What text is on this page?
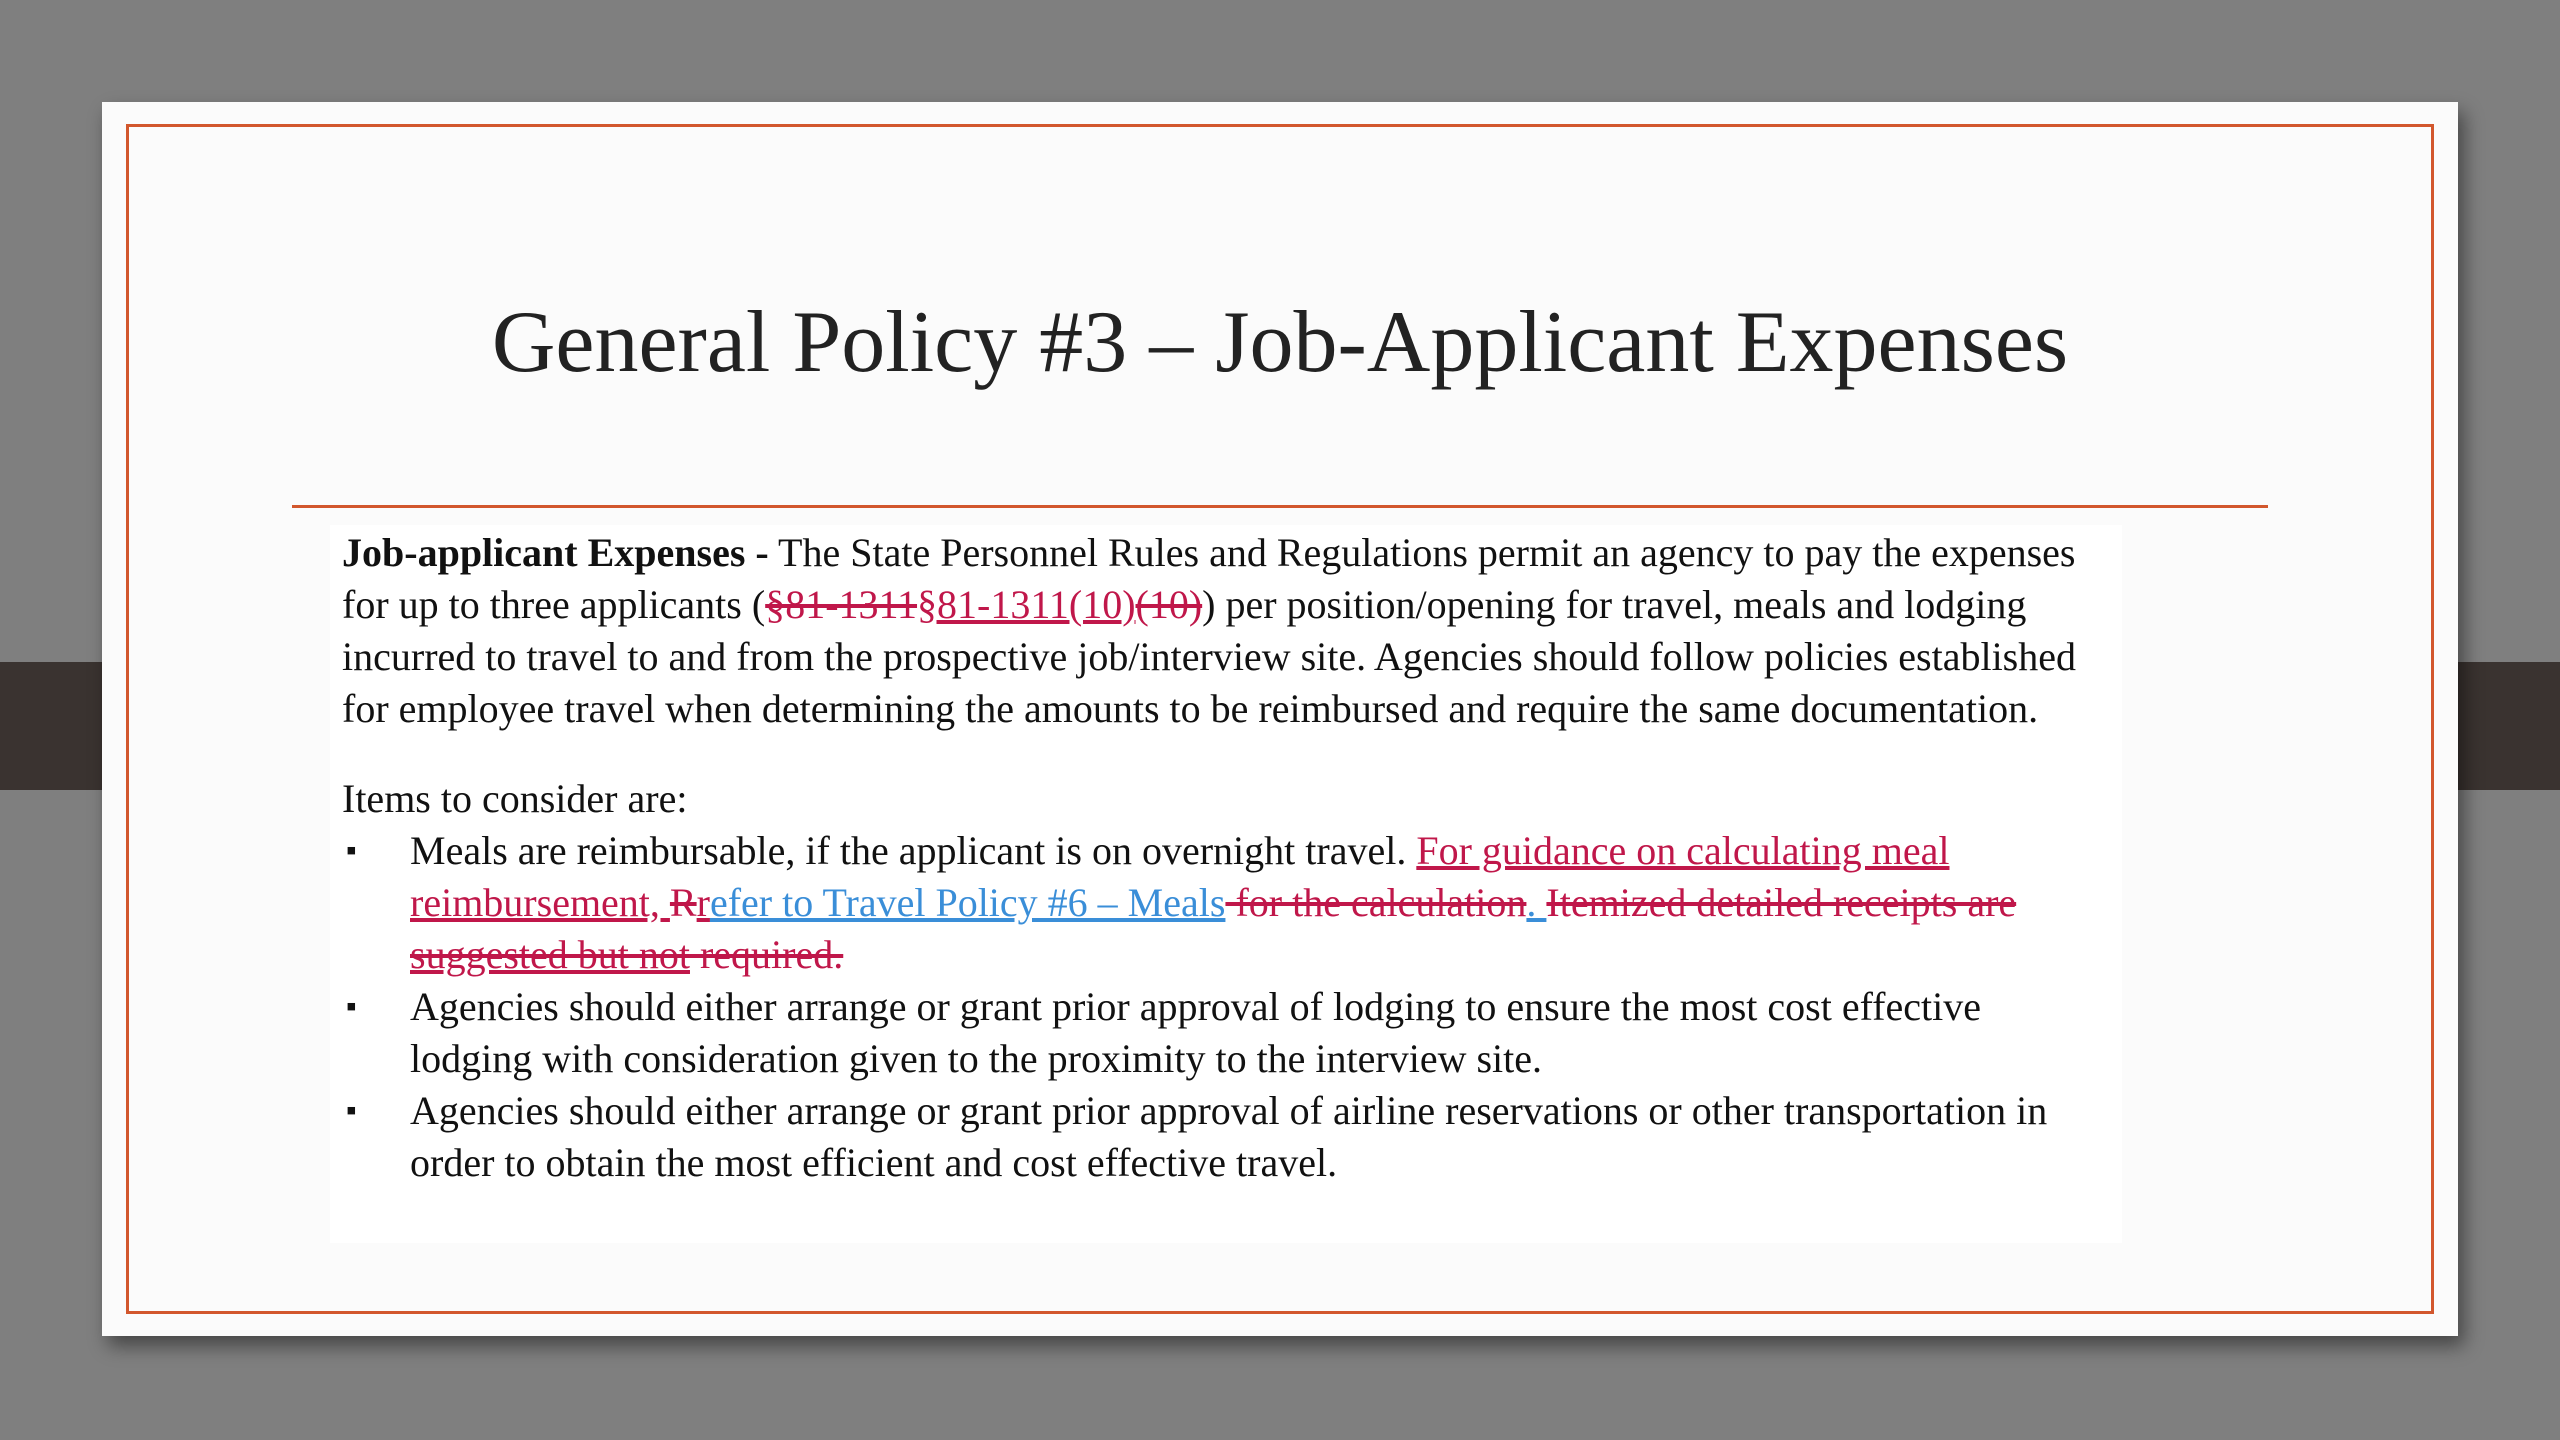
General Policy #3 – Job-Applicant Expenses

Job-applicant Expenses - The State Personnel Rules and Regulations permit an agency to pay the expenses for up to three applicants (§81-1311§81-1311(10)(10)) per position/opening for travel, meals and lodging incurred to travel to and from the prospective job/interview site. Agencies should follow policies established for employee travel when determining the amounts to be reimbursed and require the same documentation.

Items to consider are:

▪ Meals are reimbursable, if the applicant is on overnight travel. For guidance on calculating meal reimbursement, Rrefer to Travel Policy #6 – Meals for the calculation. Itemized detailed receipts are suggested but not required.
▪ Agencies should either arrange or grant prior approval of lodging to ensure the most cost effective lodging with consideration given to the proximity to the interview site.
▪ Agencies should either arrange or grant prior approval of airline reservations or other transportation in order to obtain the most efficient and cost effective travel.
